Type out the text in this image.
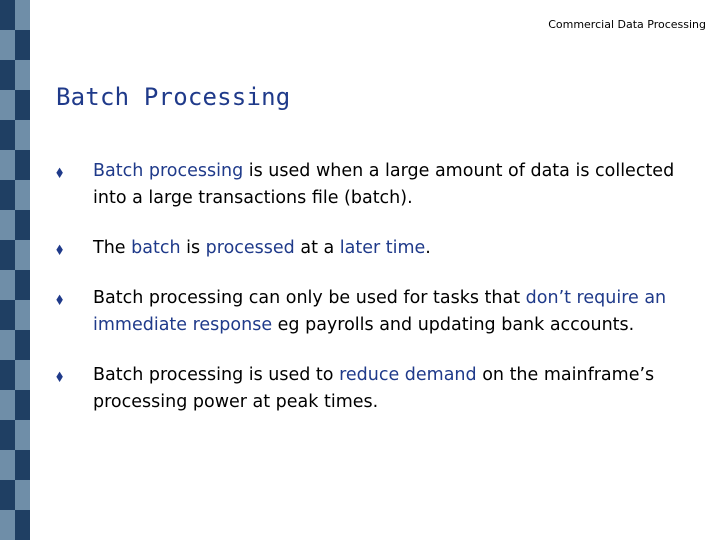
Commercial Data Processing
Batch Processing
⬧ Batch processing is used when a large amount of data is collected into a large transactions file (batch).
⬧ The batch is processed at a later time.
⬧ Batch processing can only be used for tasks that don’t require an immediate response eg payrolls and updating bank accounts.
⬧ Batch processing is used to reduce demand on the mainframe’s processing power at peak times.
